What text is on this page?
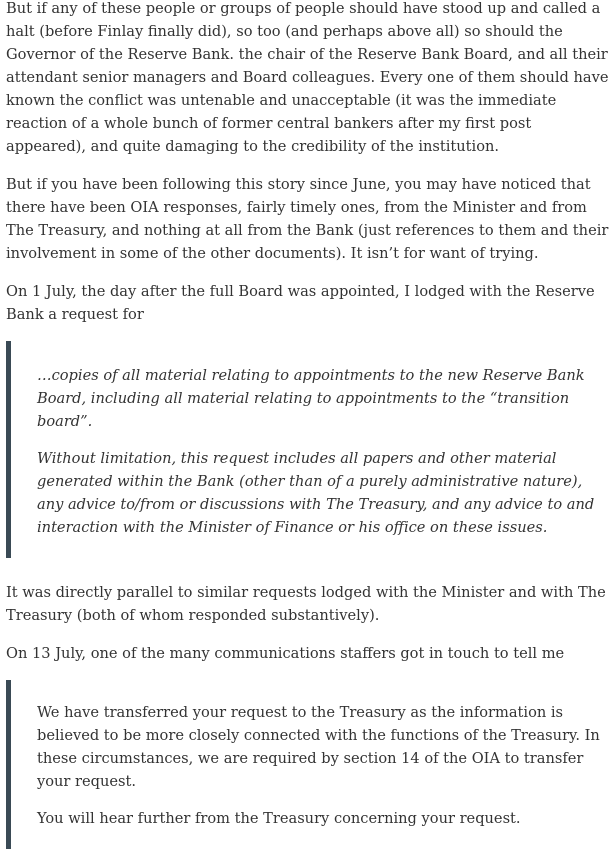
But if any of these people or groups of people should have stood up and called a halt (before Finlay finally did), so too (and perhaps above all) so should the Governor of the Reserve Bank. the chair of the Reserve Bank Board, and all their attendant senior managers and Board colleagues. Every one of them should have known the conflict was untenable and unacceptable (it was the immediate reaction of a whole bunch of former central bankers after my first post appeared), and quite damaging to the credibility of the institution.

But if you have been following this story since June, you may have noticed that there have been OIA responses, fairly timely ones, from the Minister and from The Treasury, and nothing at all from the Bank (just references to them and their involvement in some of the other documents). It isn’t for want of trying.

On 1 July, the day after the full Board was appointed, I lodged with the Reserve Bank a request for

…copies of all material relating to appointments to the new Reserve Bank Board, including all material relating to appointments to the “transition board”.

Without limitation, this request includes all papers and other material generated within the Bank (other than of a purely administrative nature), any advice to/from or discussions with The Treasury, and any advice to and interaction with the Minister of Finance or his office on these issues.

It was directly parallel to similar requests lodged with the Minister and with The Treasury (both of whom responded substantively).

On 13 July, one of the many communications staffers got in touch to tell me

We have transferred your request to the Treasury as the information is believed to be more closely connected with the functions of the Treasury. In these circumstances, we are required by section 14 of the OIA to transfer your request.

You will hear further from the Treasury concerning your request.
